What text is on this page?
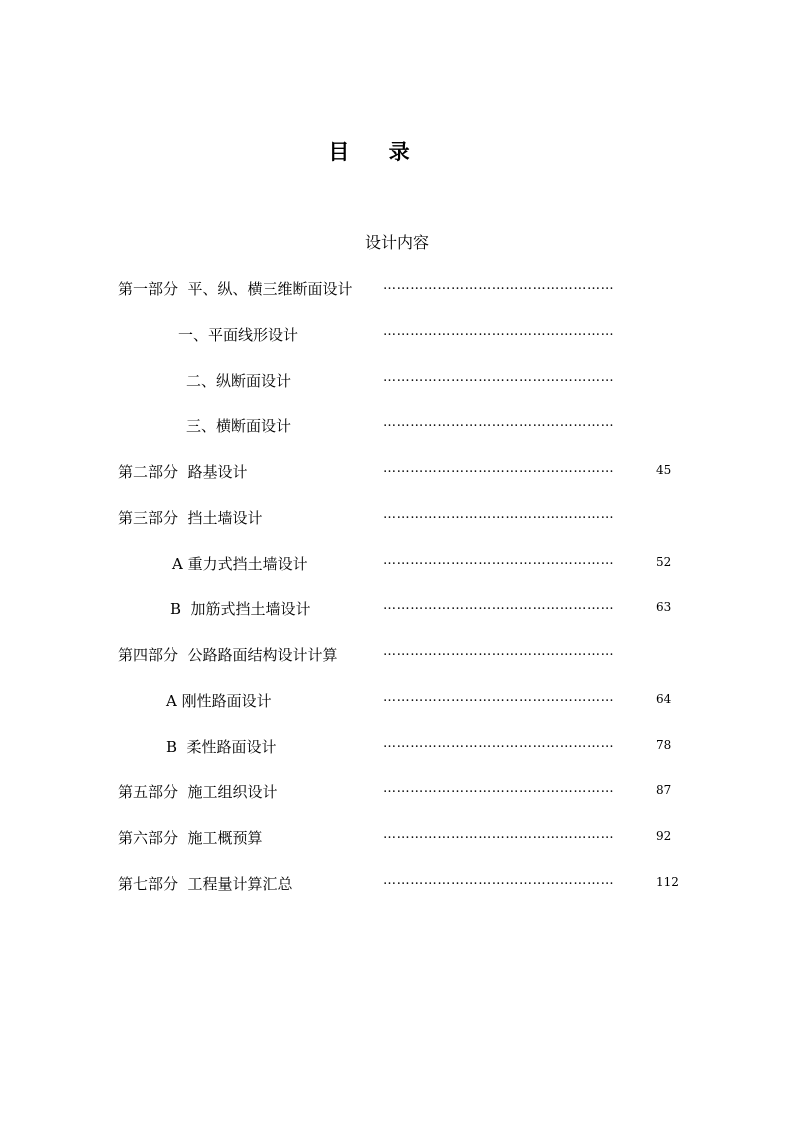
目    录
设计内容
第一部分  平、纵、横三维断面设计 ……………………………………………
一、平面线形设计	……………………………………………
二、纵断面设计	……………………………………………
三、横断面设计	……………………………………………
第二部分  路基设计	……………………………………………	45
第三部分  挡土墙设计	……………………………………………
A 重力式挡土墙设计	……………………………………………	52
B  加筋式挡土墙设计	……………………………………………	63
第四部分  公路路面结构设计计算	……………………………………………
A 刚性路面设计	……………………………………………	64
B  柔性路面设计	……………………………………………	78
第五部分  施工组织设计	……………………………………………	87
第六部分  施工概预算	……………………………………………	92
第七部分  工程量计算汇总	……………………………………………	112
